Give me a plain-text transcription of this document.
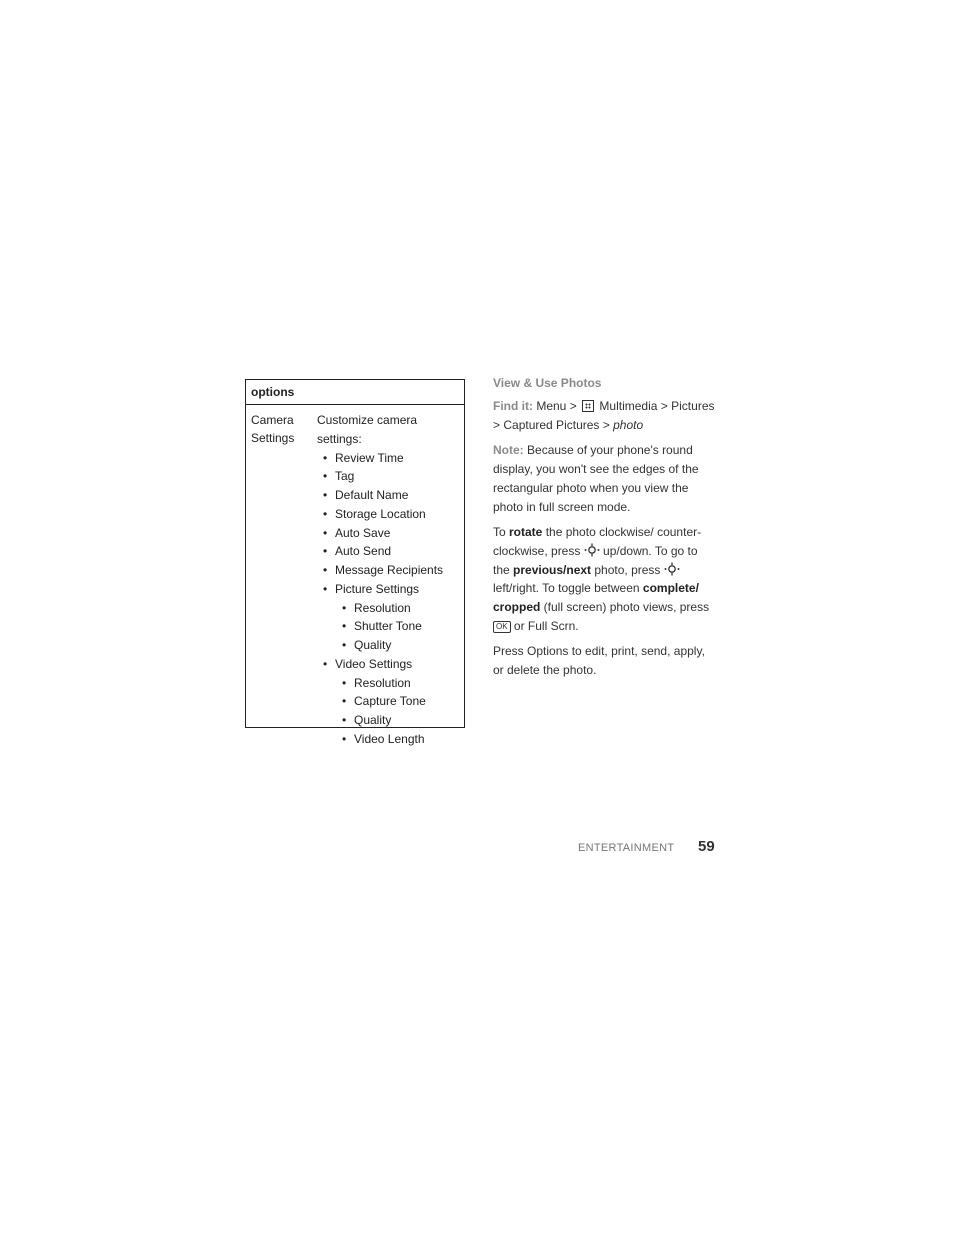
options
Camera
Settings
Customize camera settings:
• Review Time
• Tag
• Default Name
• Storage Location
• Auto Save
• Auto Send
• Message Recipients
• Picture Settings
• Resolution
• Shutter Tone
• Quality
• Video Settings
• Resolution
• Capture Tone
• Quality
• Video Length
View & Use Photos

Find it: Menu > Multimedia > Pictures
> Captured Pictures > photo

Note: Because of your phone's round display, you won't see the edges of the rectangular photo when you view the photo in full screen mode.

To rotate the photo clockwise/ counter-clockwise, press  up/down. To go to the previous/next photo, press  left/right. To toggle between complete/ cropped (full screen) photo views, press OK or Full Scrn.

Press Options to edit, print, send, apply, or delete the photo.

ENTERTAINMENT 59
